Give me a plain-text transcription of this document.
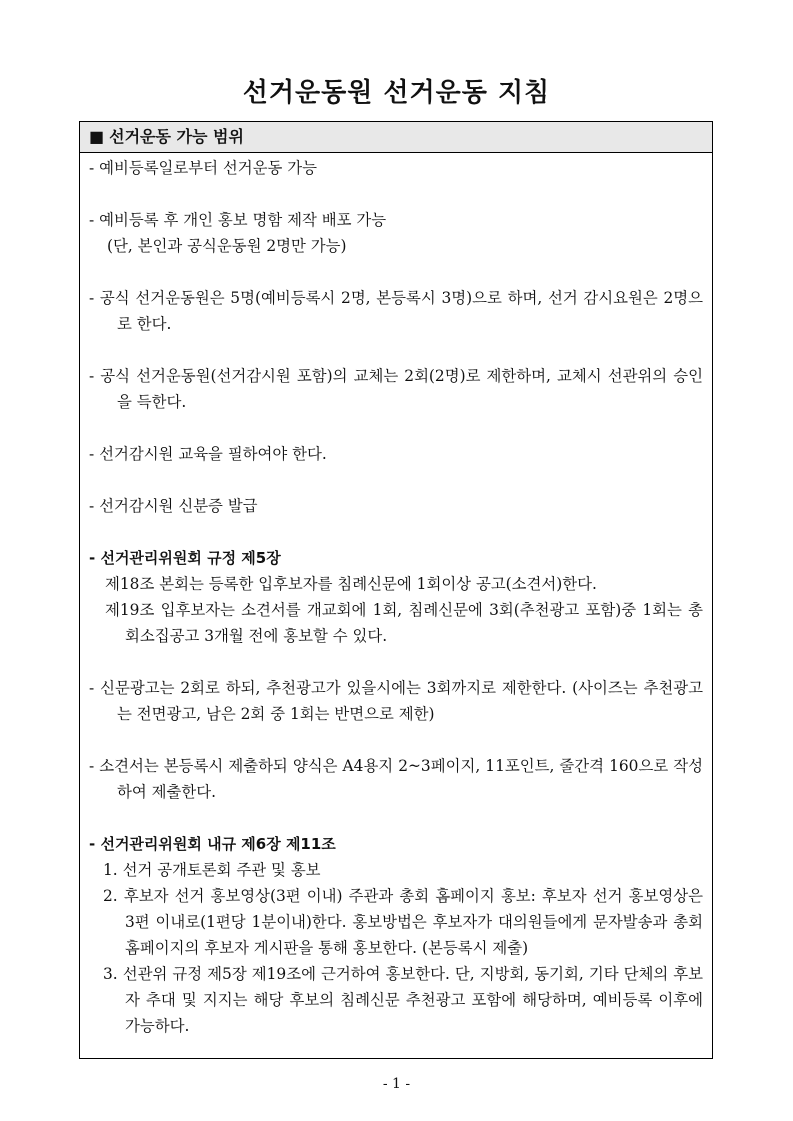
선거운동원 선거운동 지침
■ 선거운동 가능 범위
- 예비등록일로부터 선거운동 가능
- 예비등록 후 개인 홍보 명함 제작 배포 가능
(단, 본인과 공식운동원 2명만 가능)
- 공식 선거운동원은 5명(예비등록시 2명, 본등록시 3명)으로 하며, 선거 감시요원은 2명으로 한다.
- 공식 선거운동원(선거감시원 포함)의 교체는 2회(2명)로 제한하며, 교체시 선관위의 승인을 득한다.
- 선거감시원 교육을 필하여야 한다.
- 선거감시원 신분증 발급
- 선거관리위원회 규정 제5장
제18조 본회는 등록한 입후보자를 침례신문에 1회이상 공고(소견서)한다.
제19조 입후보자는 소견서를 개교회에 1회, 침례신문에 3회(추천광고 포함)중 1회는 총회소집공고 3개월 전에 홍보할 수 있다.
- 신문광고는 2회로 하되, 추천광고가 있을시에는 3회까지로 제한한다. (사이즈는 추천광고는 전면광고, 남은 2회 중 1회는 반면으로 제한)
- 소견서는 본등록시 제출하되 양식은 A4용지 2~3페이지, 11포인트, 줄간격 160으로 작성하여 제출한다.
- 선거관리위원회 내규 제6장 제11조
1. 선거 공개토론회 주관 및 홍보
2. 후보자 선거 홍보영상(3편 이내) 주관과 총회 홈페이지 홍보: 후보자 선거 홍보영상은 3편 이내로(1편당 1분이내)한다. 홍보방법은 후보자가 대의원들에게 문자발송과 총회 홈페이지의 후보자 게시판을 통해 홍보한다. (본등록시 제출)
3. 선관위 규정 제5장 제19조에 근거하여 홍보한다. 단, 지방회, 동기회, 기타 단체의 후보자 추대 및 지지는 해당 후보의 침례신문 추천광고 포함에 해당하며, 예비등록 이후에 가능하다.
- 1 -
